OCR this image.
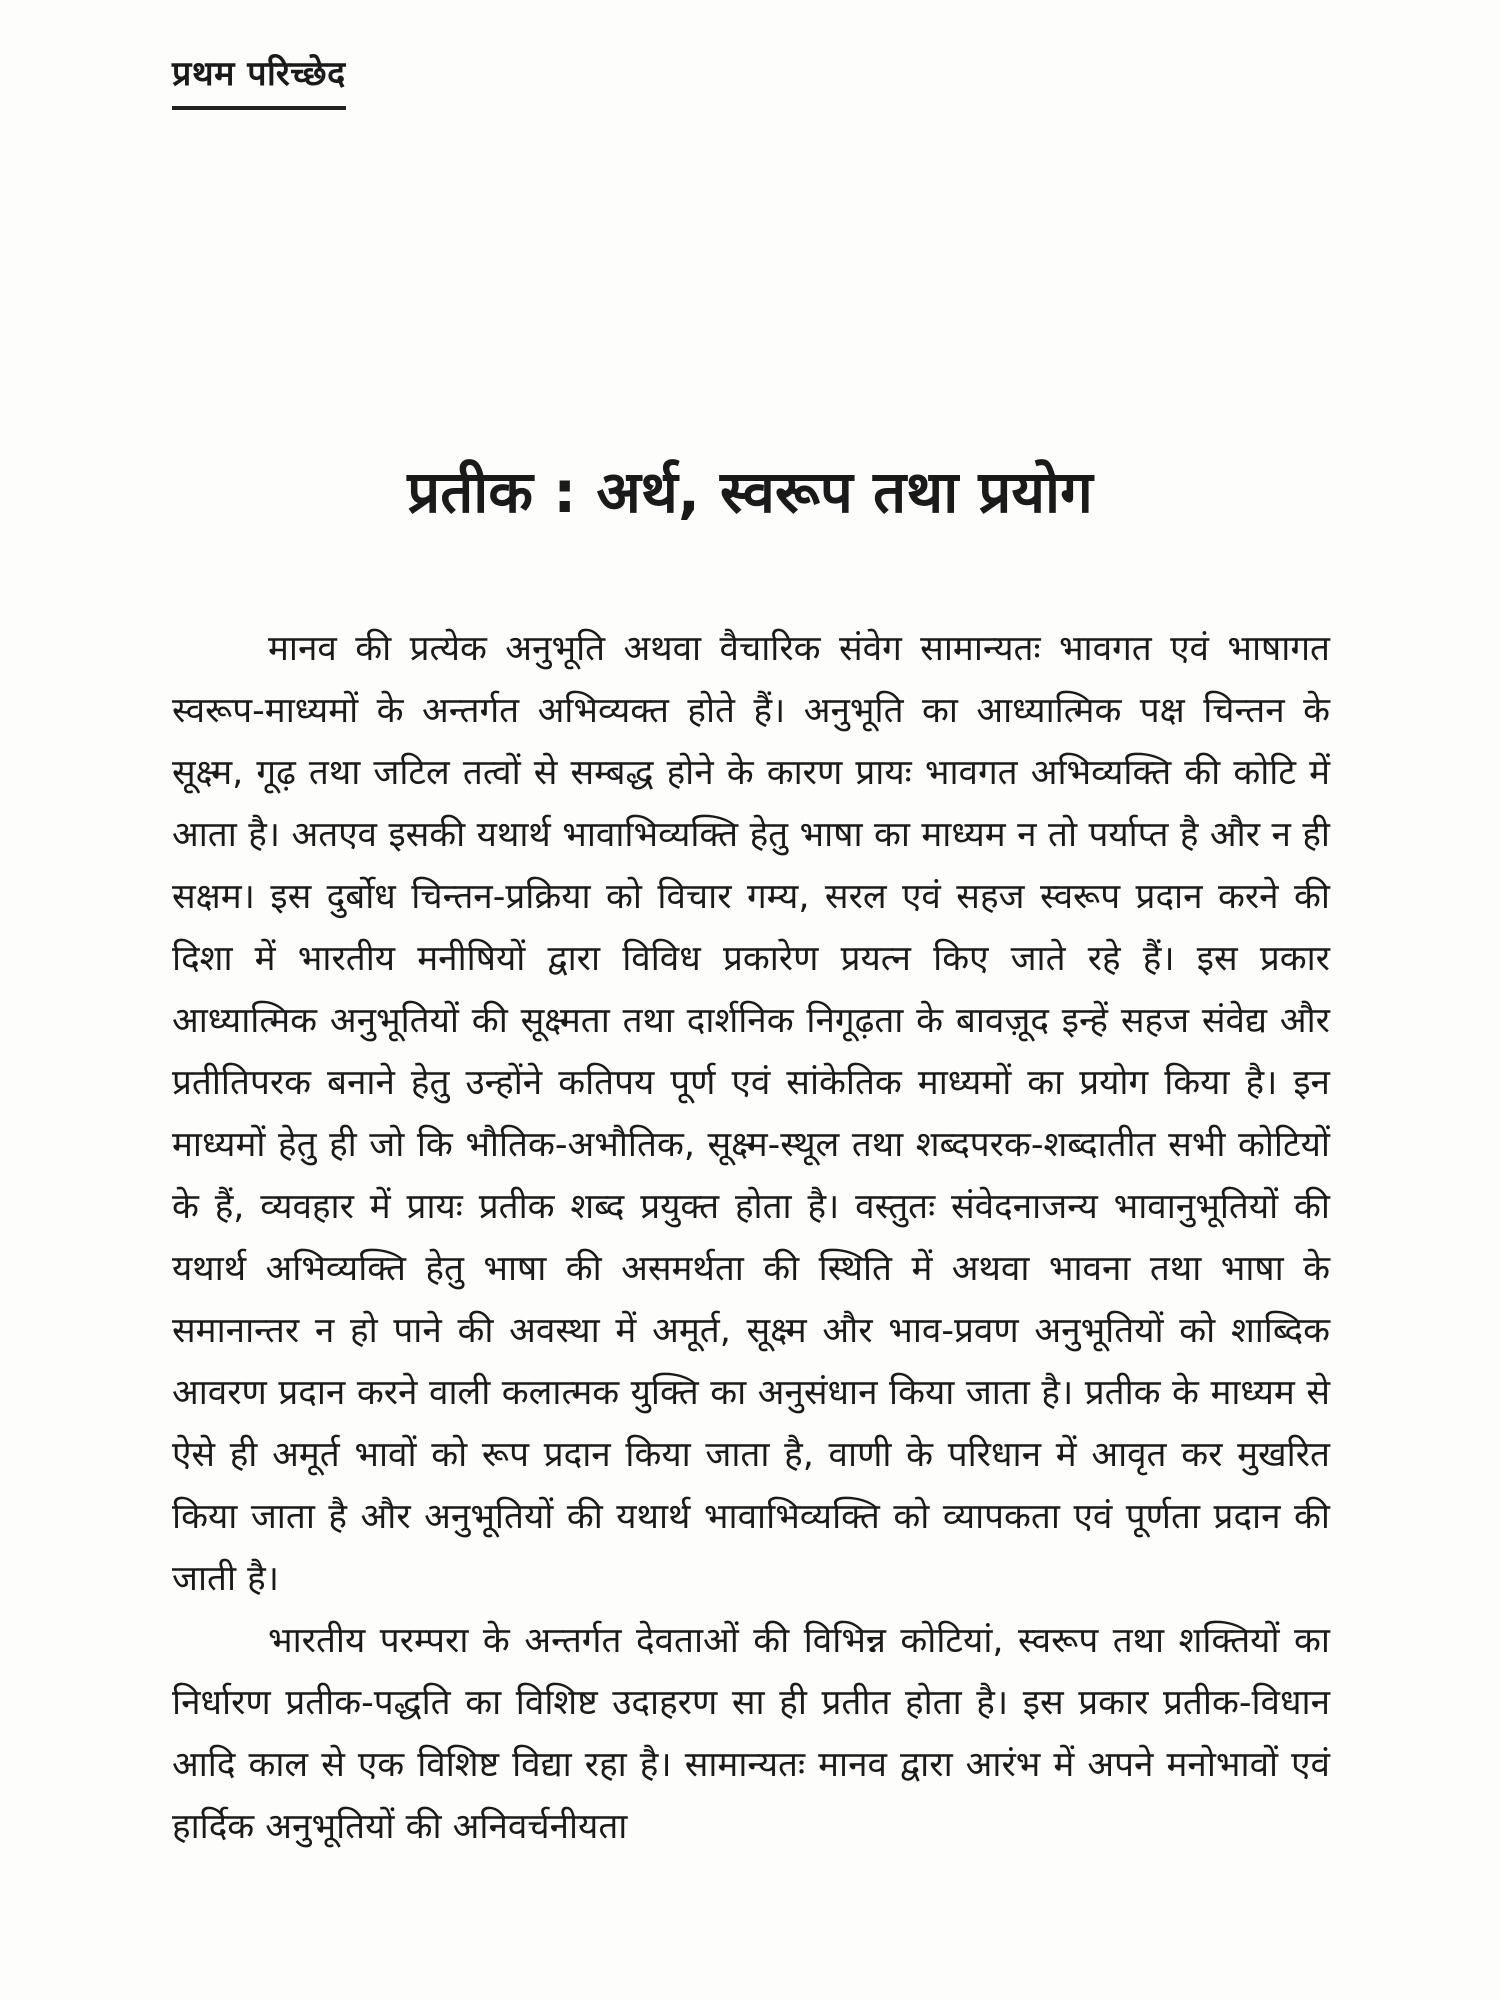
प्रथम परिच्छेद
प्रतीक : अर्थ, स्वरूप तथा प्रयोग

मानव की प्रत्येक अनुभूति अथवा वैचारिक संवेग सामान्यतः भावगत एवं भाषागत स्वरूप-माध्यमों के अन्तर्गत अभिव्यक्त होते हैं। अनुभूति का आध्यात्मिक पक्ष चिन्तन के सूक्ष्म, गूढ़ तथा जटिल तत्वों से सम्बद्ध होने के कारण प्रायः भावगत अभिव्यक्ति की कोटि में आता है। अतएव इसकी यथार्थ भावाभिव्यक्ति हेतु भाषा का माध्यम न तो पर्याप्त है और न ही सक्षम। इस दुर्बोध चिन्तन-प्रक्रिया को विचार गम्य, सरल एवं सहज स्वरूप प्रदान करने की दिशा में भारतीय मनीषियों द्वारा विविध प्रकारेण प्रयत्न किए जाते रहे हैं। इस प्रकार आध्यात्मिक अनुभूतियों की सूक्ष्मता तथा दार्शनिक निगूढ़ता के बावज़ूद इन्हें सहज संवेद्य और प्रतीतिपरक बनाने हेतु उन्होंने कतिपय पूर्ण एवं सांकेतिक माध्यमों का प्रयोग किया है। इन माध्यमों हेतु ही जो कि भौतिक-अभौतिक, सूक्ष्म-स्थूल तथा शब्दपरक-शब्दातीत सभी कोटियों के हैं, व्यवहार में प्रायः प्रतीक शब्द प्रयुक्त होता है। वस्तुतः संवेदनाजन्य भावानुभूतियों की यथार्थ अभिव्यक्ति हेतु भाषा की असमर्थता की स्थिति में अथवा भावना तथा भाषा के समानान्तर न हो पाने की अवस्था में अमूर्त, सूक्ष्म और भाव-प्रवण अनुभूतियों को शाब्दिक आवरण प्रदान करने वाली कलात्मक युक्ति का अनुसंधान किया जाता है। प्रतीक के माध्यम से ऐसे ही अमूर्त भावों को रूप प्रदान किया जाता है, वाणी के परिधान में आवृत कर मुखरित किया जाता है और अनुभूतियों की यथार्थ भावाभिव्यक्ति को व्यापकता एवं पूर्णता प्रदान की जाती है।

भारतीय परम्परा के अन्तर्गत देवताओं की विभिन्न कोटियां, स्वरूप तथा शक्तियों का निर्धारण प्रतीक-पद्धति का विशिष्ट उदाहरण सा ही प्रतीत होता है। इस प्रकार प्रतीक-विधान आदि काल से एक विशिष्ट विद्या रहा है। सामान्यतः मानव द्वारा आरंभ में अपने मनोभावों एवं हार्दिक अनुभूतियों की अनिवर्चनीयता
